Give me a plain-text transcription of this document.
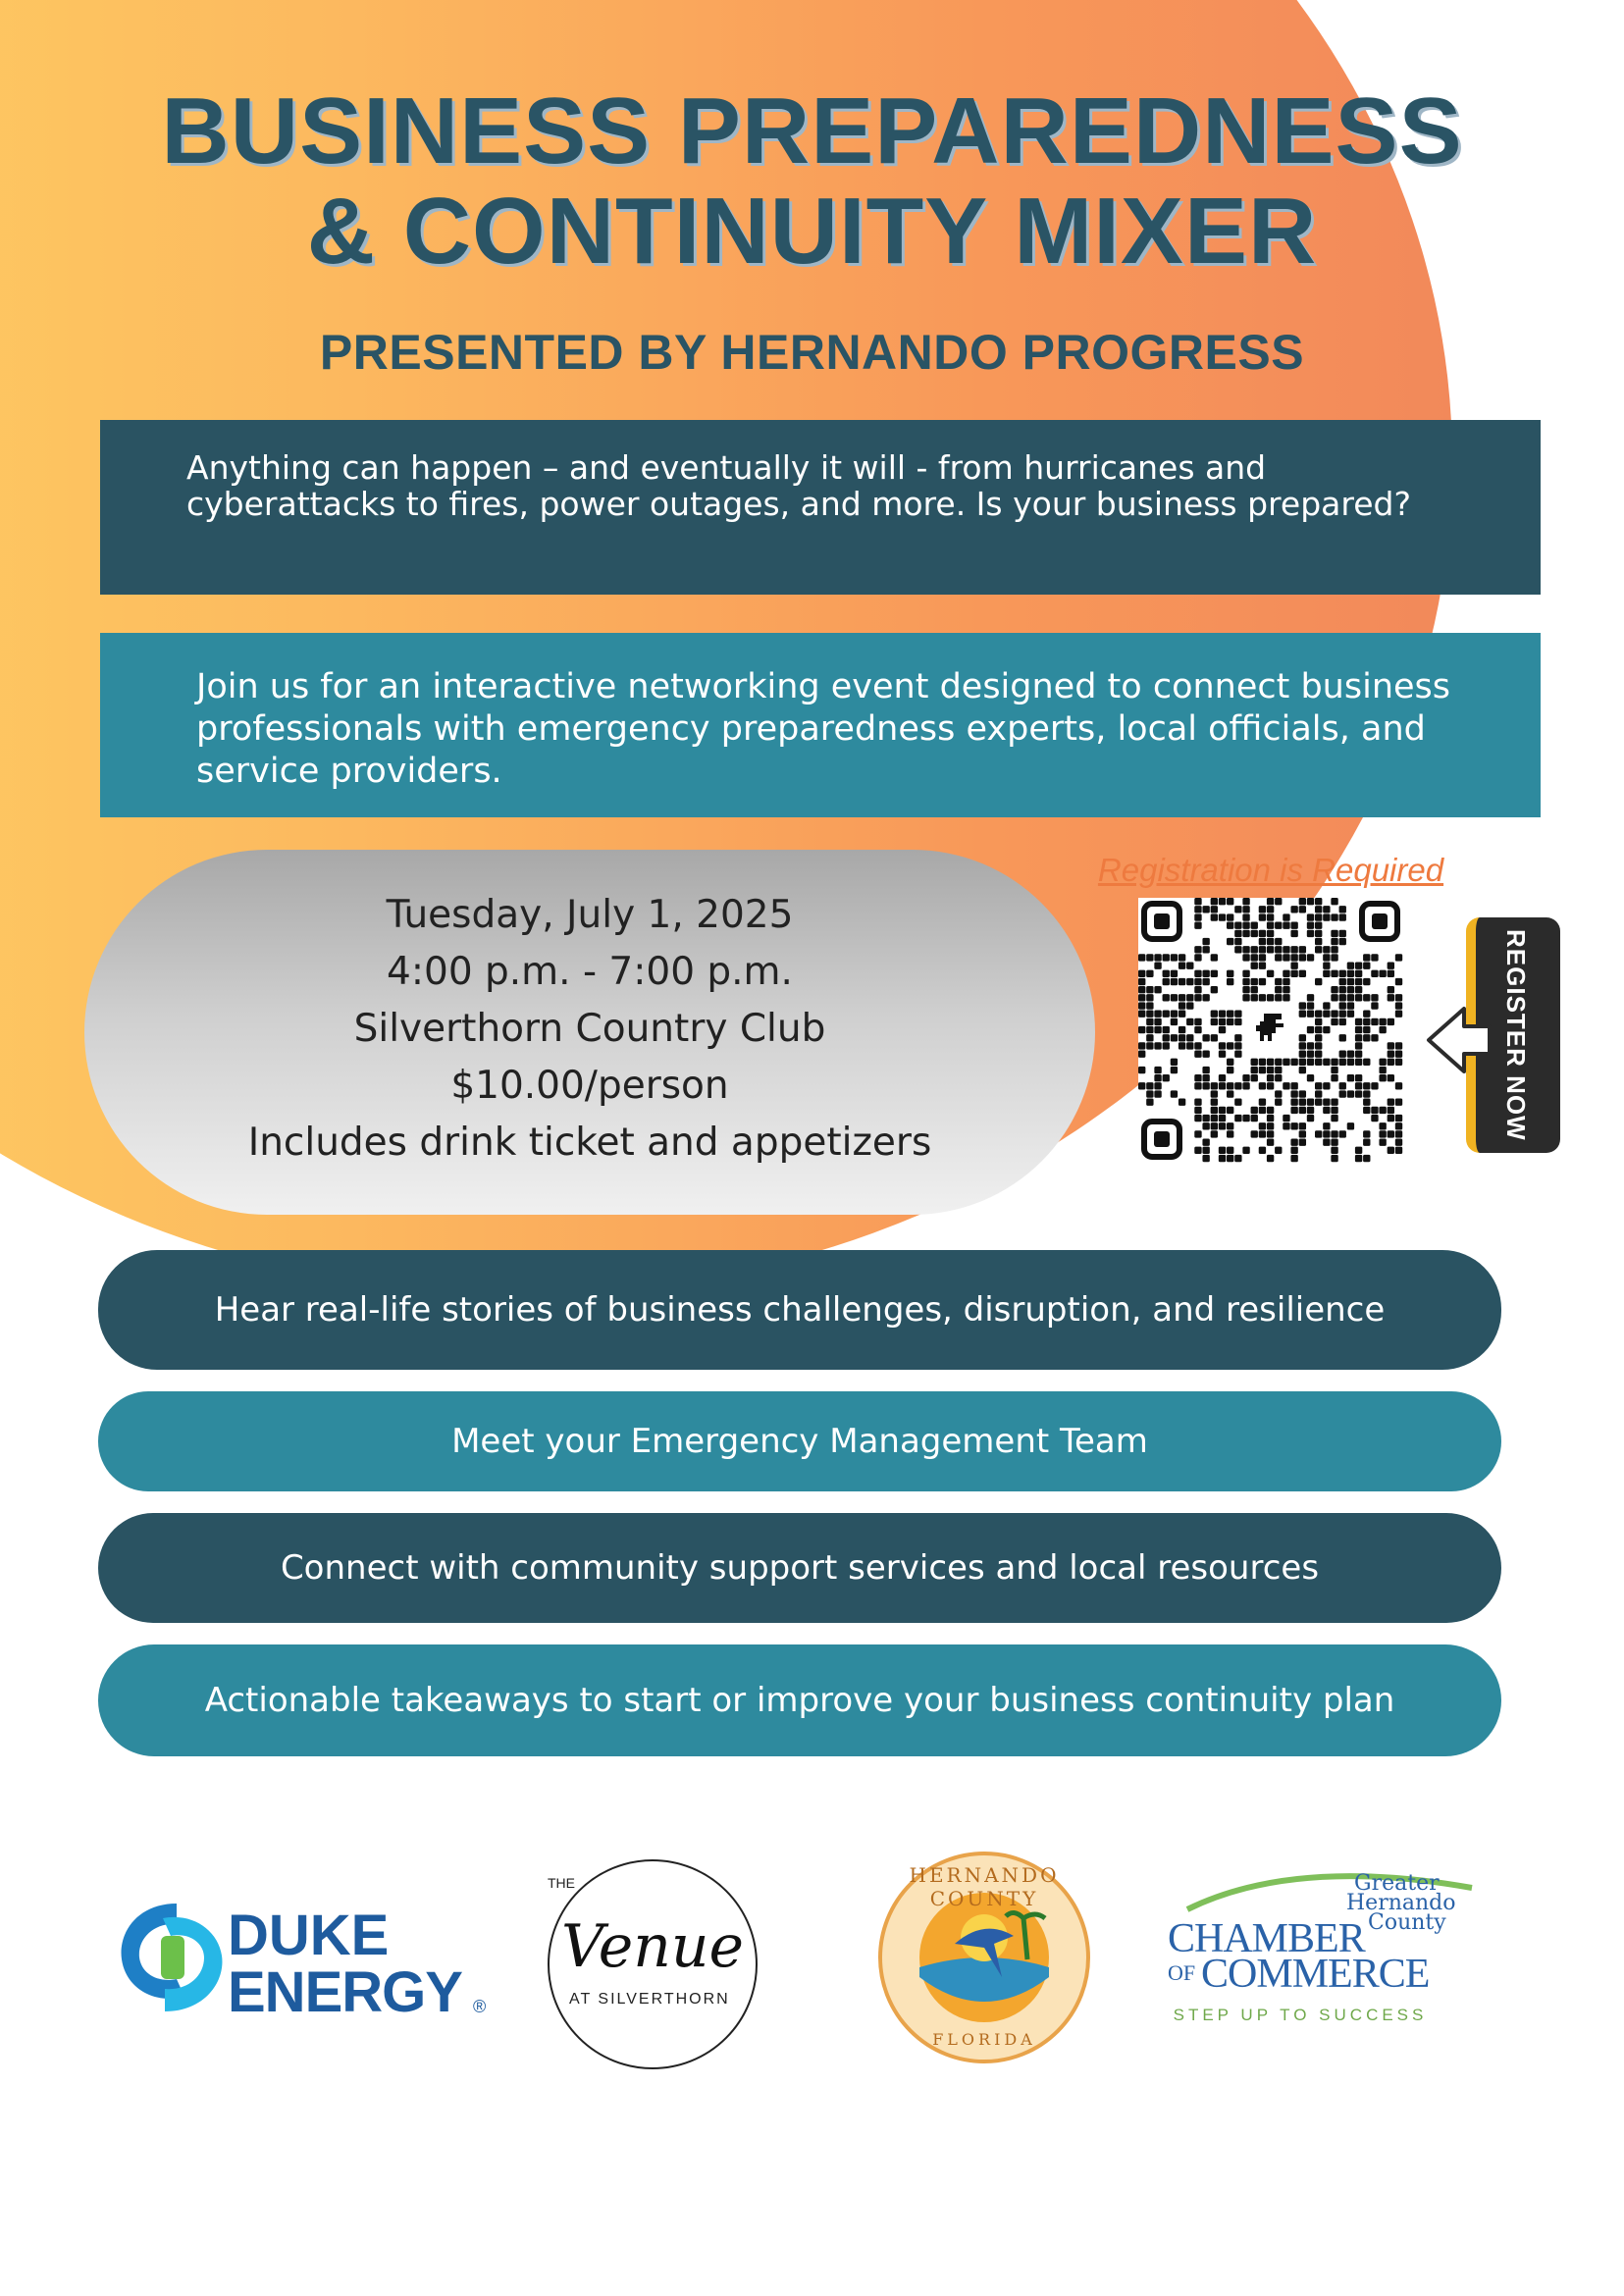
BUSINESS PREPAREDNESS
& CONTINUITY MIXER
PRESENTED BY HERNANDO PROGRESS
Anything can happen – and eventually it will - from hurricanes and cyberattacks to fires, power outages, and more. Is your business prepared?
Join us for an interactive networking event designed to connect business professionals with emergency preparedness experts, local officials, and service providers.
Tuesday, July 1, 2025
4:00 p.m. - 7:00 p.m.
Silverthorn Country Club
$10.00/person
Includes drink ticket and appetizers
Registration is Required
REGISTER NOW
Hear real-life stories of business challenges, disruption, and resilience
Meet your Emergency Management Team
Connect with community support services and local resources
Actionable takeaways to start or improve your business continuity plan
DUKE
ENERGY ®
THE
Venue
AT SILVERTHORN
HERNANDO COUNTY
FLORIDA
Greater
Hernando
County
CHAMBER
OF COMMERCE
STEP UP TO SUCCESS
